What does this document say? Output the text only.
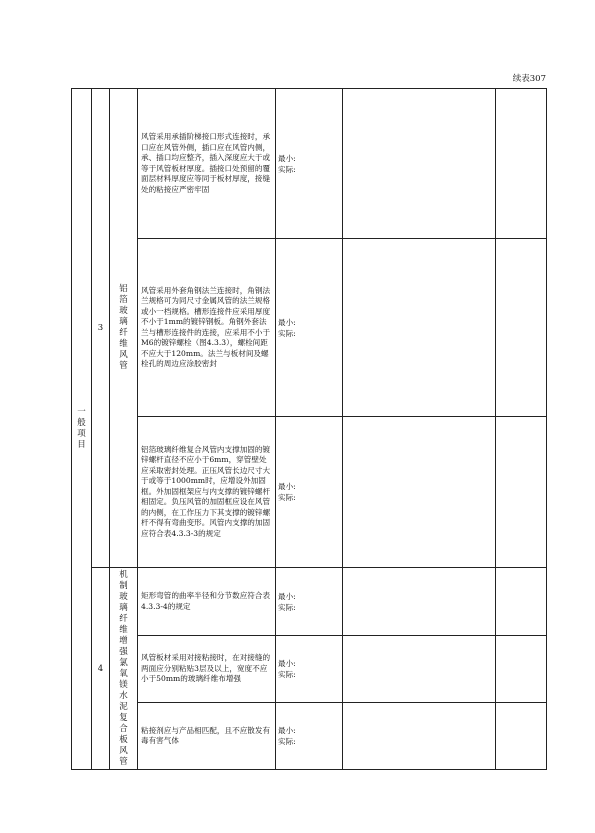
续表307
一般项目	3	铝箔玻璃纤维风管	风管采用承插阶梯接口形式连接时，承口应在风管外侧，插口应在风管内侧，承、插口均应整齐，插入深度应大于或等于风管板材厚度。插接口处预留的覆面层材料厚度应等同于板材厚度，接缝处的粘接应严密牢固	最小:
实际:		

			风管采用外套角钢法兰连接时，角钢法兰规格可为同尺寸金属风管的法兰规格或小一档规格。槽形连接件应采用厚度不小于1mm的镀锌钢板。角钢外套法兰与槽形连接件的连接，应采用不小于M6的镀锌螺栓（图4.3.3），螺栓间距不应大于120mm。法兰与板材间及螺栓孔的周边应涂胶密封	最小:
实际:		

			铝箔玻璃纤维复合风管内支撑加固的镀锌螺杆直径不应小于6mm，穿管壁处应采取密封处理。正压风管长边尺寸大于或等于1000mm时，应增设外加固框。外加固框架应与内支撑的镀锌螺杆相固定。负压风管的加固框应设在风管的内侧，在工作压力下其支撑的镀锌螺杆不得有弯曲变形。风管内支撑的加固应符合表4.3.3-3的规定	最小:
实际:		

	4	机制玻璃纤维增强氯氧镁水泥复合板风管	矩形弯管的曲率半径和分节数应符合表4.3.3-4的规定	最小:
实际:		

			风管板材采用对接粘接时，在对接缝的两面应分别粘贴3层及以上，宽度不应小于50mm的玻璃纤维布增强	最小:
实际:		

			粘接剂应与产品相匹配，且不应散发有毒有害气体	最小:
实际:		
